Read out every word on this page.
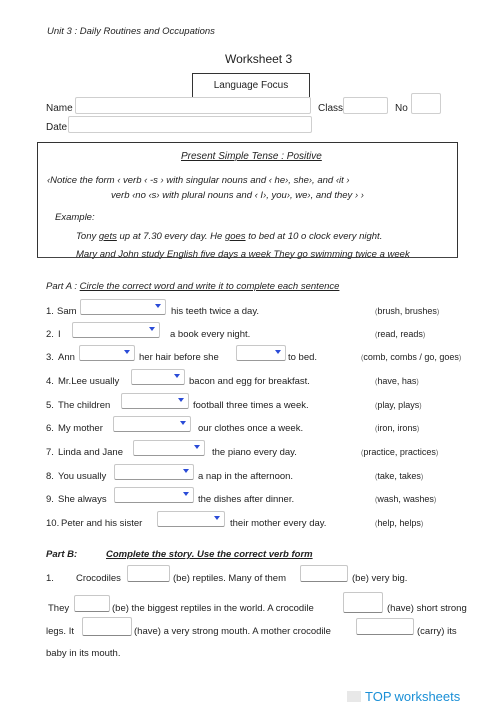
Unit 3 : Daily Routines and Occupations
Worksheet 3
Language Focus
Name	Class	No
Date
Present Simple Tense : Positive
‹Notice the form ‹ verb ‹ -s › with singular nouns and ‹ he›, she›, and ‹it ›
verb ‹no ‹s› with plural nouns and ‹ I›, you›, we›, and they › ›
Example:
Tony gets up at 7.30 every day. He goes to bed at 10 o clock every night.
Mary and John study English five days a week They go swimming twice a week
Part A : Circle the correct word and write it to complete each sentence
1. Sam	his teeth twice a day.	(brush, brushes)
2. I	a book every night.	(read, reads)
3. Ann	her hair before she	to bed.	(comb, combs / go, goes)
4. Mr.Lee usually	bacon and egg for breakfast.	(have, has)
5. The children	football three times a week.	(play, plays)
6. My mother	our clothes once a week.	(iron, irons)
7. Linda and Jane	the piano every day.	(practice, practices)
8. You usually	a nap in the afternoon.	(take, takes)
9. She always	the dishes after dinner.	(wash, washes)
10. Peter and his sister	their mother every day.	(help, helps)
Part B:	Complete the story. Use the correct verb form
1. Crocodiles	(be) reptiles. Many of them	(be) very big.
They	(be) the biggest reptiles in the world. A crocodile	(have) short strong
legs. It	(have) a very strong mouth. A mother crocodile	(carry) its
baby in its mouth.
TOP worksheets
